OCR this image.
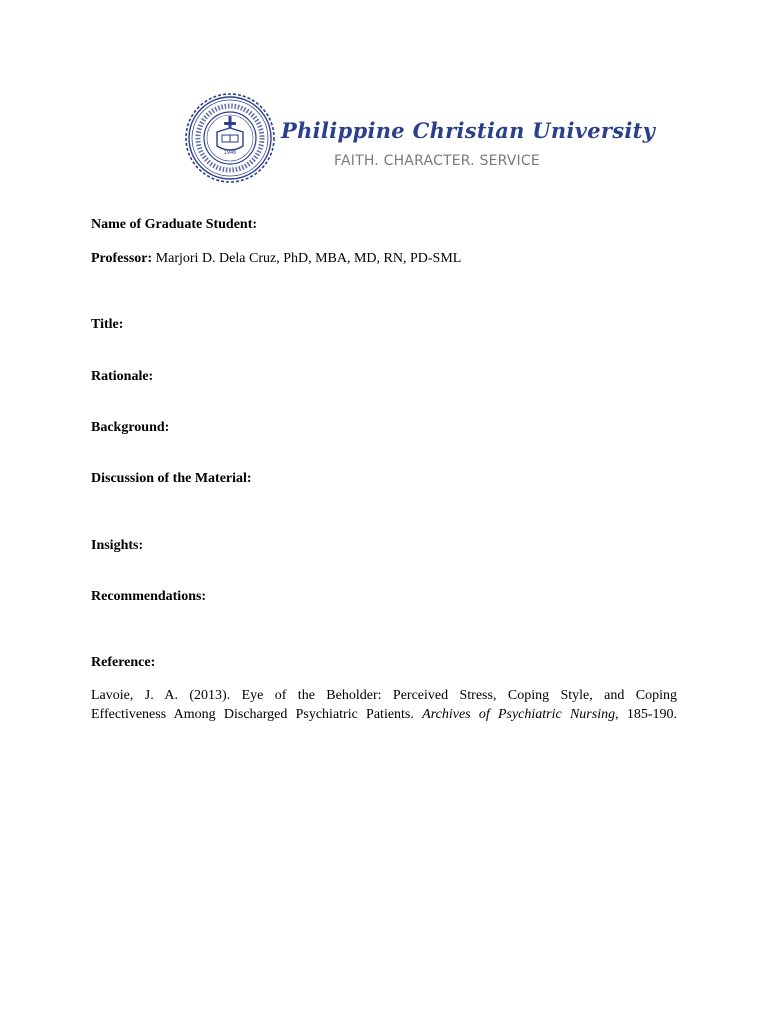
1946
Philippine Christian University
FAITH. CHARACTER. SERVICE
Name of Graduate Student:
Professor: Marjori D. Dela Cruz, PhD, MBA, MD, RN, PD-SML
Title:
Rationale:
Background:
Discussion of the Material:
Insights:
Recommendations:
Reference:
Lavoie, J. A. (2013). Eye of the Beholder: Perceived Stress, Coping Style, and Coping
Effectiveness Among Discharged Psychiatric Patients. Archives of Psychiatric Nursing, 185-190.
